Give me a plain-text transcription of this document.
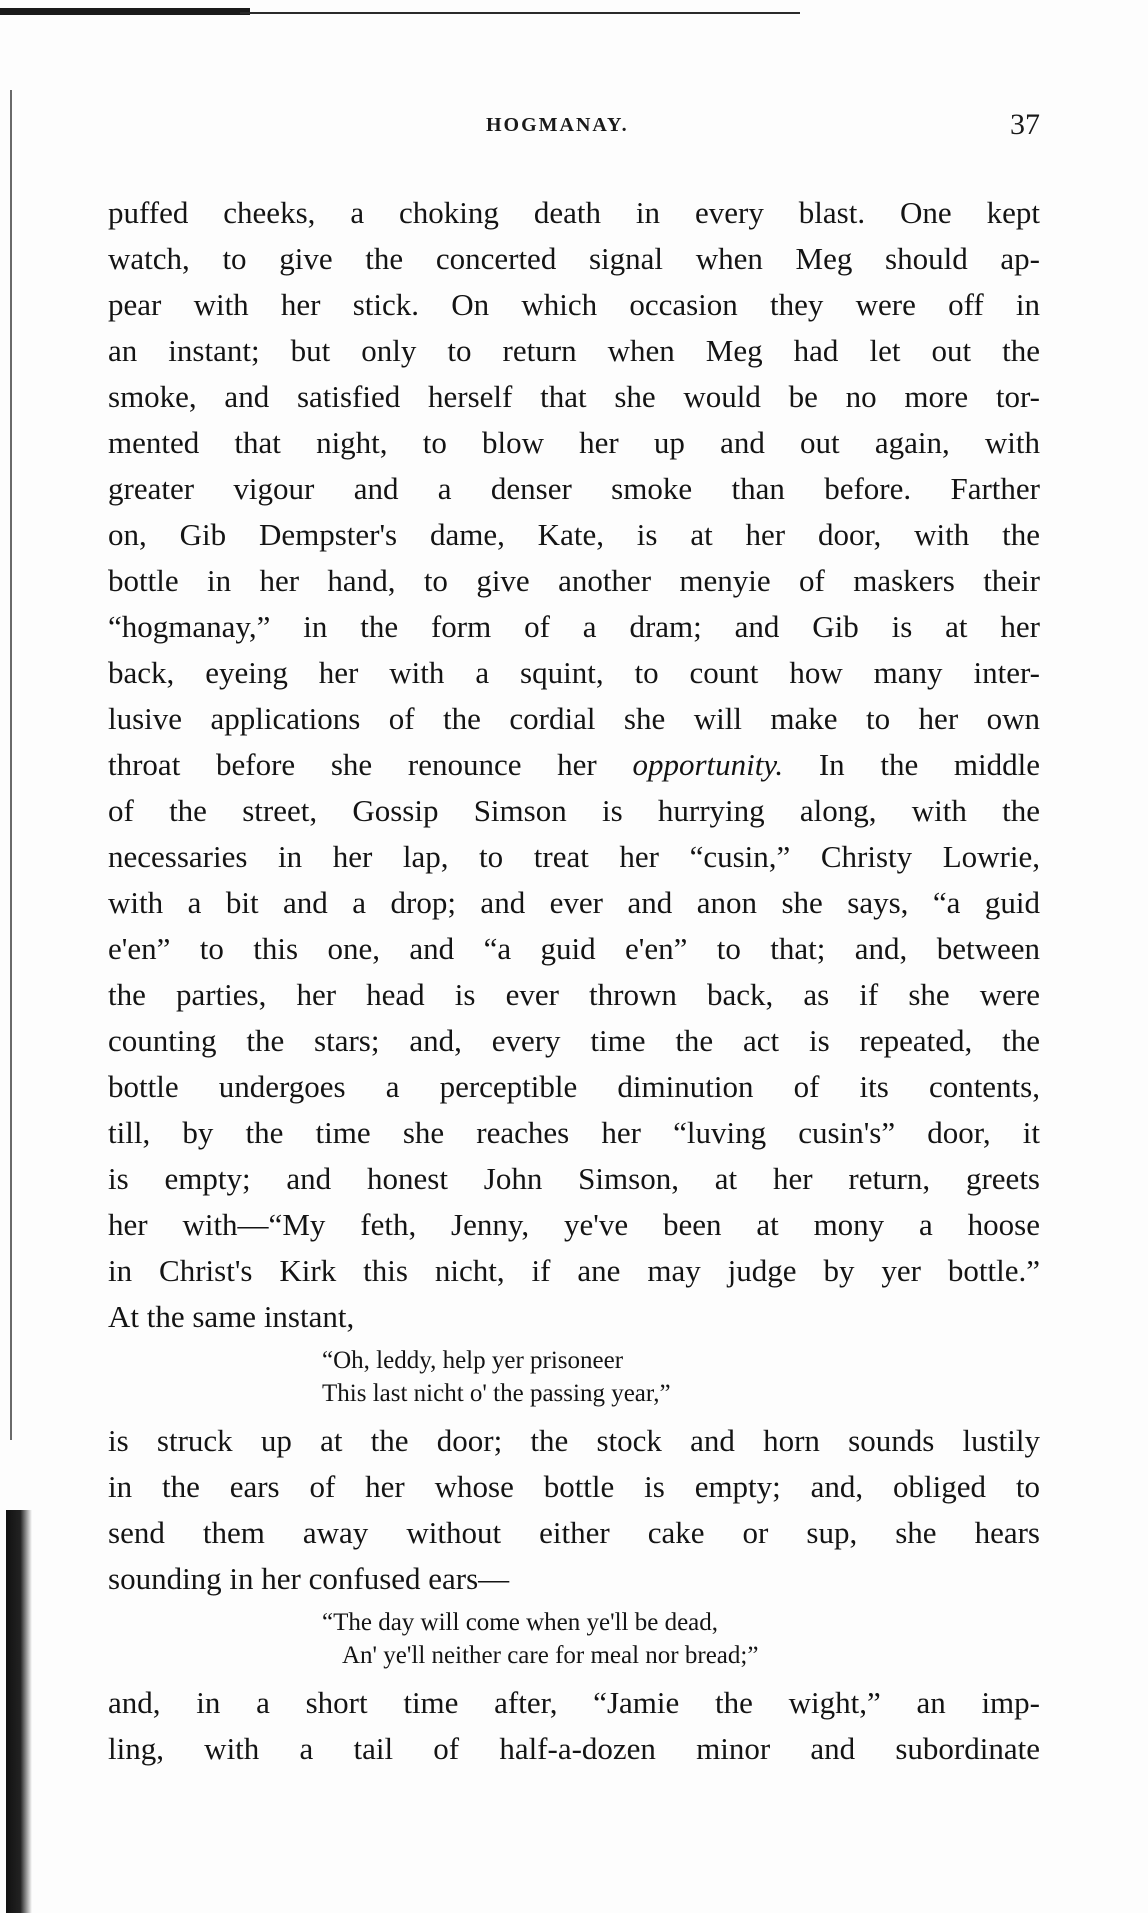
HOGMANAY.	37
puffed cheeks, a choking death in every blast. One kept
watch, to give the concerted signal when Meg should ap-
pear with her stick. On which occasion they were off in
an instant; but only to return when Meg had let out the
smoke, and satisfied herself that she would be no more tor-
mented that night, to blow her up and out again, with
greater vigour and a denser smoke than before. Farther
on, Gib Dempster's dame, Kate, is at her door, with the
bottle in her hand, to give another menyie of maskers their
“hogmanay,” in the form of a dram; and Gib is at her
back, eyeing her with a squint, to count how many inter-
lusive applications of the cordial she will make to her own
throat before she renounce her opportunity. In the middle
of the street, Gossip Simson is hurrying along, with the
necessaries in her lap, to treat her “cusin,” Christy Lowrie,
with a bit and a drop; and ever and anon she says, “a guid
e'en” to this one, and “a guid e'en” to that; and, between
the parties, her head is ever thrown back, as if she were
counting the stars; and, every time the act is repeated, the
bottle undergoes a perceptible diminution of its contents,
till, by the time she reaches her “luving cusin's” door, it
is empty; and honest John Simson, at her return, greets
her with—“My feth, Jenny, ye've been at mony a hoose
in Christ's Kirk this nicht, if ane may judge by yer bottle.”
At the same instant,
“Oh, leddy, help yer prisoneer
This last nicht o' the passing year,”
is struck up at the door; the stock and horn sounds lustily
in the ears of her whose bottle is empty; and, obliged to
send them away without either cake or sup, she hears
sounding in her confused ears—
“The day will come when ye'll be dead,
An' ye'll neither care for meal nor bread;”
and, in a short time after, “Jamie the wight,” an imp-
ling, with a tail of half-a-dozen minor and subordinate
